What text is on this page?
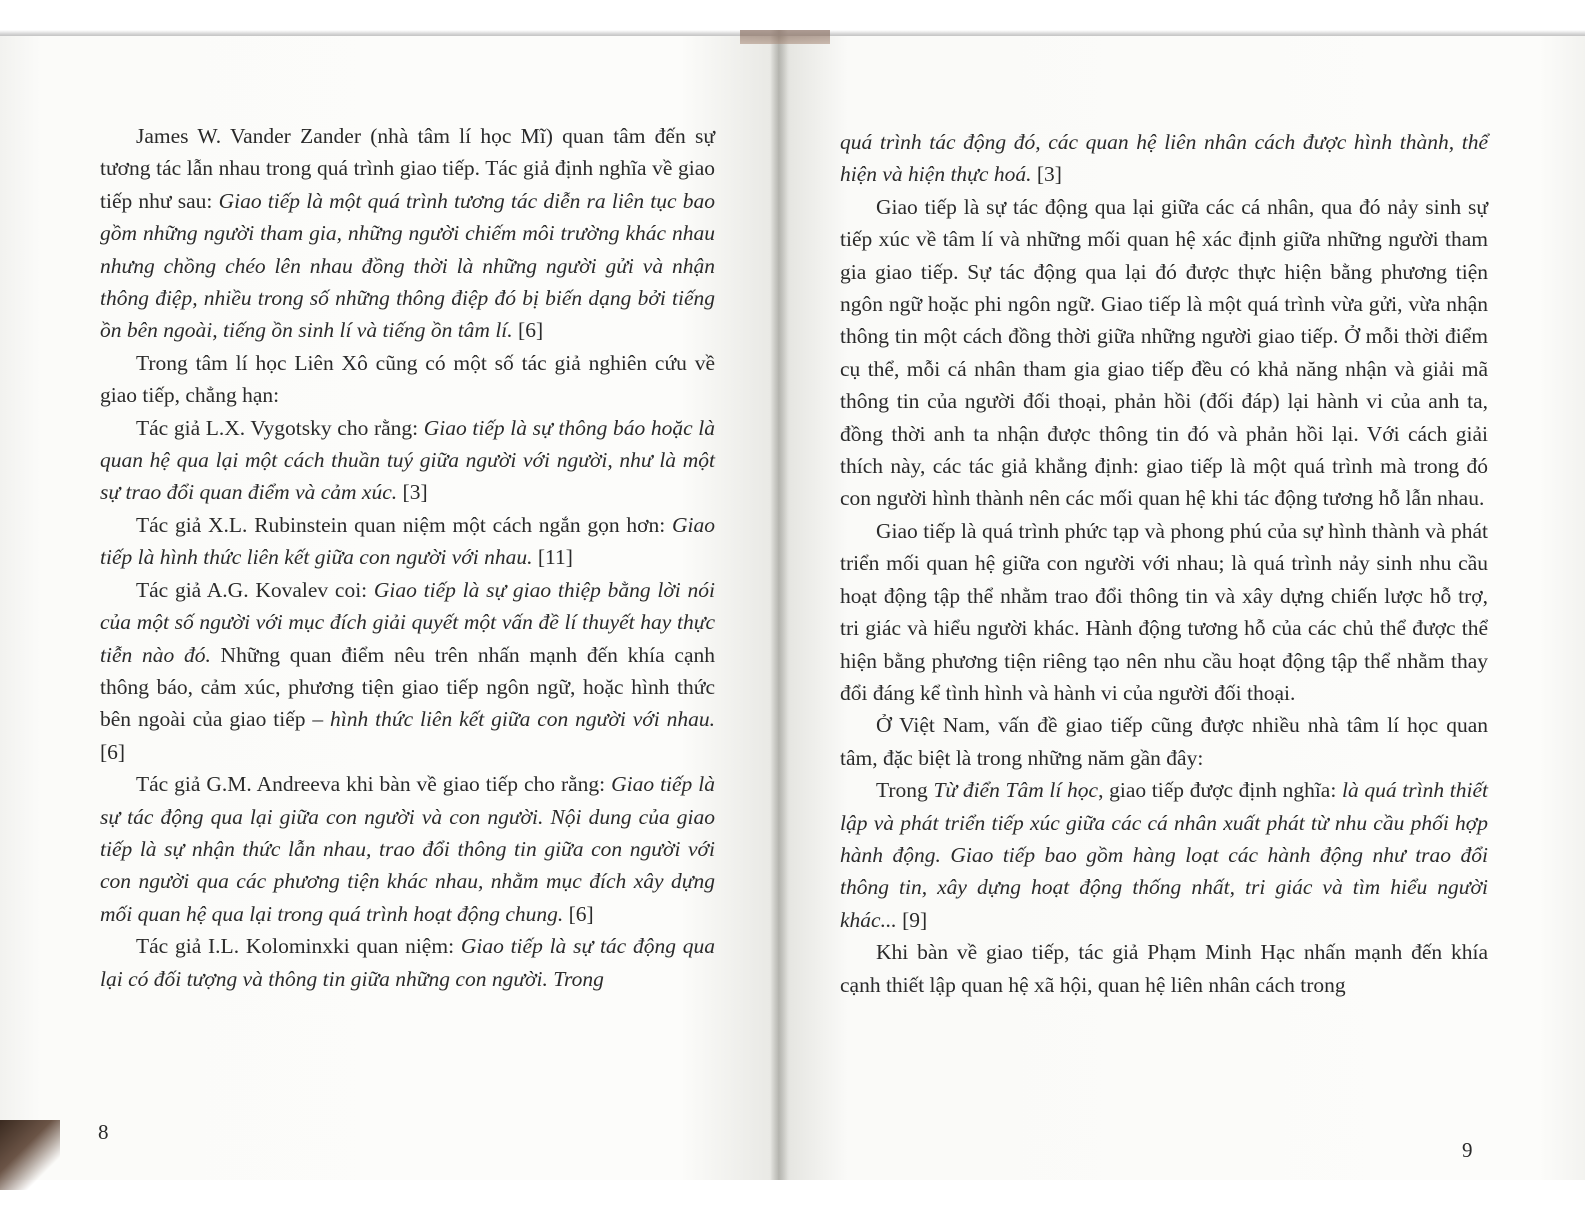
James W. Vander Zander (nhà tâm lí học Mĩ) quan tâm đến sự tương tác lẫn nhau trong quá trình giao tiếp. Tác giả định nghĩa về giao tiếp như sau: Giao tiếp là một quá trình tương tác diễn ra liên tục bao gồm những người tham gia, những người chiếm môi trường khác nhau nhưng chồng chéo lên nhau đồng thời là những người gửi và nhận thông điệp, nhiều trong số những thông điệp đó bị biến dạng bởi tiếng ồn bên ngoài, tiếng ồn sinh lí và tiếng ồn tâm lí. [6]

Trong tâm lí học Liên Xô cũng có một số tác giả nghiên cứu về giao tiếp, chẳng hạn:

Tác giả L.X. Vygotsky cho rằng: Giao tiếp là sự thông báo hoặc là quan hệ qua lại một cách thuần tuý giữa người với người, như là một sự trao đổi quan điểm và cảm xúc. [3]

Tác giả X.L. Rubinstein quan niệm một cách ngắn gọn hơn: Giao tiếp là hình thức liên kết giữa con người với nhau. [11]

Tác giả A.G. Kovalev coi: Giao tiếp là sự giao thiệp bằng lời nói của một số người với mục đích giải quyết một vấn đề lí thuyết hay thực tiễn nào đó. Những quan điểm nêu trên nhấn mạnh đến khía cạnh thông báo, cảm xúc, phương tiện giao tiếp ngôn ngữ, hoặc hình thức bên ngoài của giao tiếp – hình thức liên kết giữa con người với nhau. [6]

Tác giả G.M. Andreeva khi bàn về giao tiếp cho rằng: Giao tiếp là sự tác động qua lại giữa con người và con người. Nội dung của giao tiếp là sự nhận thức lẫn nhau, trao đổi thông tin giữa con người với con người qua các phương tiện khác nhau, nhằm mục đích xây dựng mối quan hệ qua lại trong quá trình hoạt động chung. [6]

Tác giả I.L. Kolominxki quan niệm: Giao tiếp là sự tác động qua lại có đối tượng và thông tin giữa những con người. Trong

8

quá trình tác động đó, các quan hệ liên nhân cách được hình thành, thể hiện và hiện thực hoá. [3]

Giao tiếp là sự tác động qua lại giữa các cá nhân, qua đó nảy sinh sự tiếp xúc về tâm lí và những mối quan hệ xác định giữa những người tham gia giao tiếp. Sự tác động qua lại đó được thực hiện bằng phương tiện ngôn ngữ hoặc phi ngôn ngữ. Giao tiếp là một quá trình vừa gửi, vừa nhận thông tin một cách đồng thời giữa những người giao tiếp. Ở mỗi thời điểm cụ thể, mỗi cá nhân tham gia giao tiếp đều có khả năng nhận và giải mã thông tin của người đối thoại, phản hồi (đối đáp) lại hành vi của anh ta, đồng thời anh ta nhận được thông tin đó và phản hồi lại. Với cách giải thích này, các tác giả khẳng định: giao tiếp là một quá trình mà trong đó con người hình thành nên các mối quan hệ khi tác động tương hỗ lẫn nhau.

Giao tiếp là quá trình phức tạp và phong phú của sự hình thành và phát triển mối quan hệ giữa con người với nhau; là quá trình nảy sinh nhu cầu hoạt động tập thể nhằm trao đổi thông tin và xây dựng chiến lược hỗ trợ, tri giác và hiểu người khác. Hành động tương hỗ của các chủ thể được thể hiện bằng phương tiện riêng tạo nên nhu cầu hoạt động tập thể nhằm thay đổi đáng kể tình hình và hành vi của người đối thoại.

Ở Việt Nam, vấn đề giao tiếp cũng được nhiều nhà tâm lí học quan tâm, đặc biệt là trong những năm gần đây:

Trong Từ điển Tâm lí học, giao tiếp được định nghĩa: là quá trình thiết lập và phát triển tiếp xúc giữa các cá nhân xuất phát từ nhu cầu phối hợp hành động. Giao tiếp bao gồm hàng loạt các hành động như trao đổi thông tin, xây dựng hoạt động thống nhất, tri giác và tìm hiểu người khác... [9]

Khi bàn về giao tiếp, tác giả Phạm Minh Hạc nhấn mạnh đến khía cạnh thiết lập quan hệ xã hội, quan hệ liên nhân cách trong

9
